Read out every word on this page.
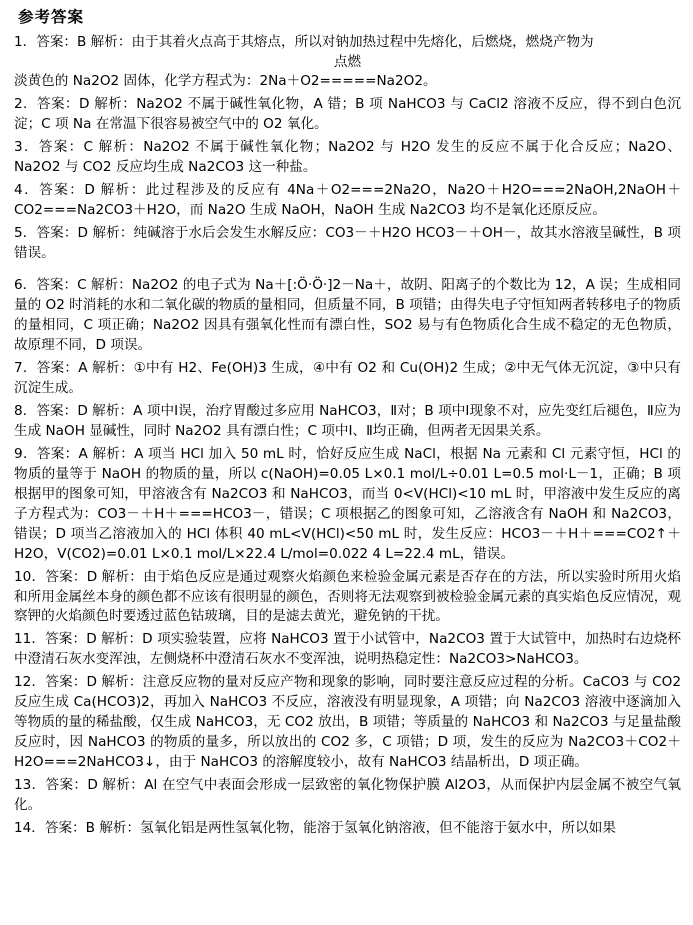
参考答案

1．答案：B 解析：由于其着火点高于其熔点，所以对钠加热过程中先熔化，后燃烧，燃烧产物为

点燃

淡黄色的 Na2O2 固体，化学方程式为：2Na＋O2=====Na2O2。

2．答案：D 解析：Na2O2 不属于碱性氧化物，A 错；B 项 NaHCO3 与 CaCl2 溶液不反应，得不到白色沉淀；C 项 Na 在常温下很容易被空气中的 O2 氧化。

3．答案：C 解析：Na2O2 不属于碱性氧化物；Na2O2 与 H2O 发生的反应不属于化合反应；Na2O、Na2O2 与 CO2 反应均生成 Na2CO3 这一种盐。

4．答案：D 解析：此过程涉及的反应有 4Na＋O2===2Na2O，Na2O＋H2O===2NaOH,2NaOH＋CO2===Na2CO3＋H2O，而 Na2O 生成 NaOH，NaOH 生成 Na2CO3 均不是氧化还原反应。

5．答案：D 解析：纯碱溶于水后会发生水解反应：CO3－＋H2O HCO3－＋OH－，故其水溶液呈碱性，B 项错误。

6．答案：C 解析：Na2O2 的电子式为 Na＋[:Ö·Ö·]2－Na＋，故阴、阳离子的个数比为 12，A 误；生成相同量的 O2 时消耗的水和二氧化碳的物质的量相同，但质量不同，B 项错；由得失电子守恒知两者转移电子的物质的量相同，C 项正确；Na2O2 因具有强氧化性而有漂白性，SO2 易与有色物质化合生成不稳定的无色物质，故原理不同，D 项误。

7．答案：A 解析：①中有 H2、Fe(OH)3 生成，④中有 O2 和 Cu(OH)2 生成；②中无气体无沉淀，③中只有沉淀生成。

8．答案：D 解析：A 项中Ⅰ误，治疗胃酸过多应用 NaHCO3，Ⅱ对；B 项中Ⅰ现象不对，应先变红后褪色，Ⅱ应为生成 NaOH 显碱性，同时 Na2O2 具有漂白性；C 项中Ⅰ、Ⅱ均正确，但两者无因果关系。

9．答案：A 解析：A 项当 HCl 加入 50 mL 时，恰好反应生成 NaCl，根据 Na 元素和 Cl 元素守恒，HCl 的物质的量等于 NaOH 的物质的量，所以 c(NaOH)=0.05 L×0.1 mol/L÷0.01 L=0.5 mol·L－1，正确；B 项根据甲的图象可知，甲溶液含有 Na2CO3 和 NaHCO3，而当 0<V(HCl)<10 mL 时，甲溶液中发生反应的离子方程式为：CO3－＋H＋===HCO3－，错误；C 项根据乙的图象可知，乙溶液含有 NaOH 和 Na2CO3，错误；D 项当乙溶液加入的 HCl 体积 40 mL<V(HCl)<50 mL 时，发生反应：HCO3－＋H＋===CO2↑＋H2O，V(CO2)=0.01 L×0.1 mol/L×22.4 L/mol=0.022 4 L=22.4 mL，错误。

10．答案：D 解析：由于焰色反应是通过观察火焰颜色来检验金属元素是否存在的方法，所以实验时所用火焰和所用金属丝本身的颜色都不应该有很明显的颜色，否则将无法观察到被检验金属元素的真实焰色反应情况，观察钾的火焰颜色时要透过蓝色钴玻璃，目的是滤去黄光，避免钠的干扰。

11．答案：D 解析：D 项实验装置，应将 NaHCO3 置于小试管中，Na2CO3 置于大试管中，加热时右边烧杯中澄清石灰水变浑浊，左侧烧杯中澄清石灰水不变浑浊，说明热稳定性：Na2CO3>NaHCO3。

12．答案：D 解析：注意反应物的量对反应产物和现象的影响，同时要注意反应过程的分析。CaCO3 与 CO2 反应生成 Ca(HCO3)2，再加入 NaHCO3 不反应，溶液没有明显现象，A 项错；向 Na2CO3 溶液中逐滴加入等物质的量的稀盐酸，仅生成 NaHCO3，无 CO2 放出，B 项错；等质量的 NaHCO3 和 Na2CO3 与足量盐酸反应时，因 NaHCO3 的物质的量多，所以放出的 CO2 多，C 项错；D 项，发生的反应为 Na2CO3＋CO2＋H2O===2NaHCO3↓，由于 NaHCO3 的溶解度较小，故有 NaHCO3 结晶析出，D 项正确。

13．答案：D 解析：Al 在空气中表面会形成一层致密的氧化物保护膜 Al2O3，从而保护内层金属不被空气氧化。

14．答案：B 解析：氢氧化铝是两性氢氧化物，能溶于氢氧化钠溶液，但不能溶于氨水中，所以如果
